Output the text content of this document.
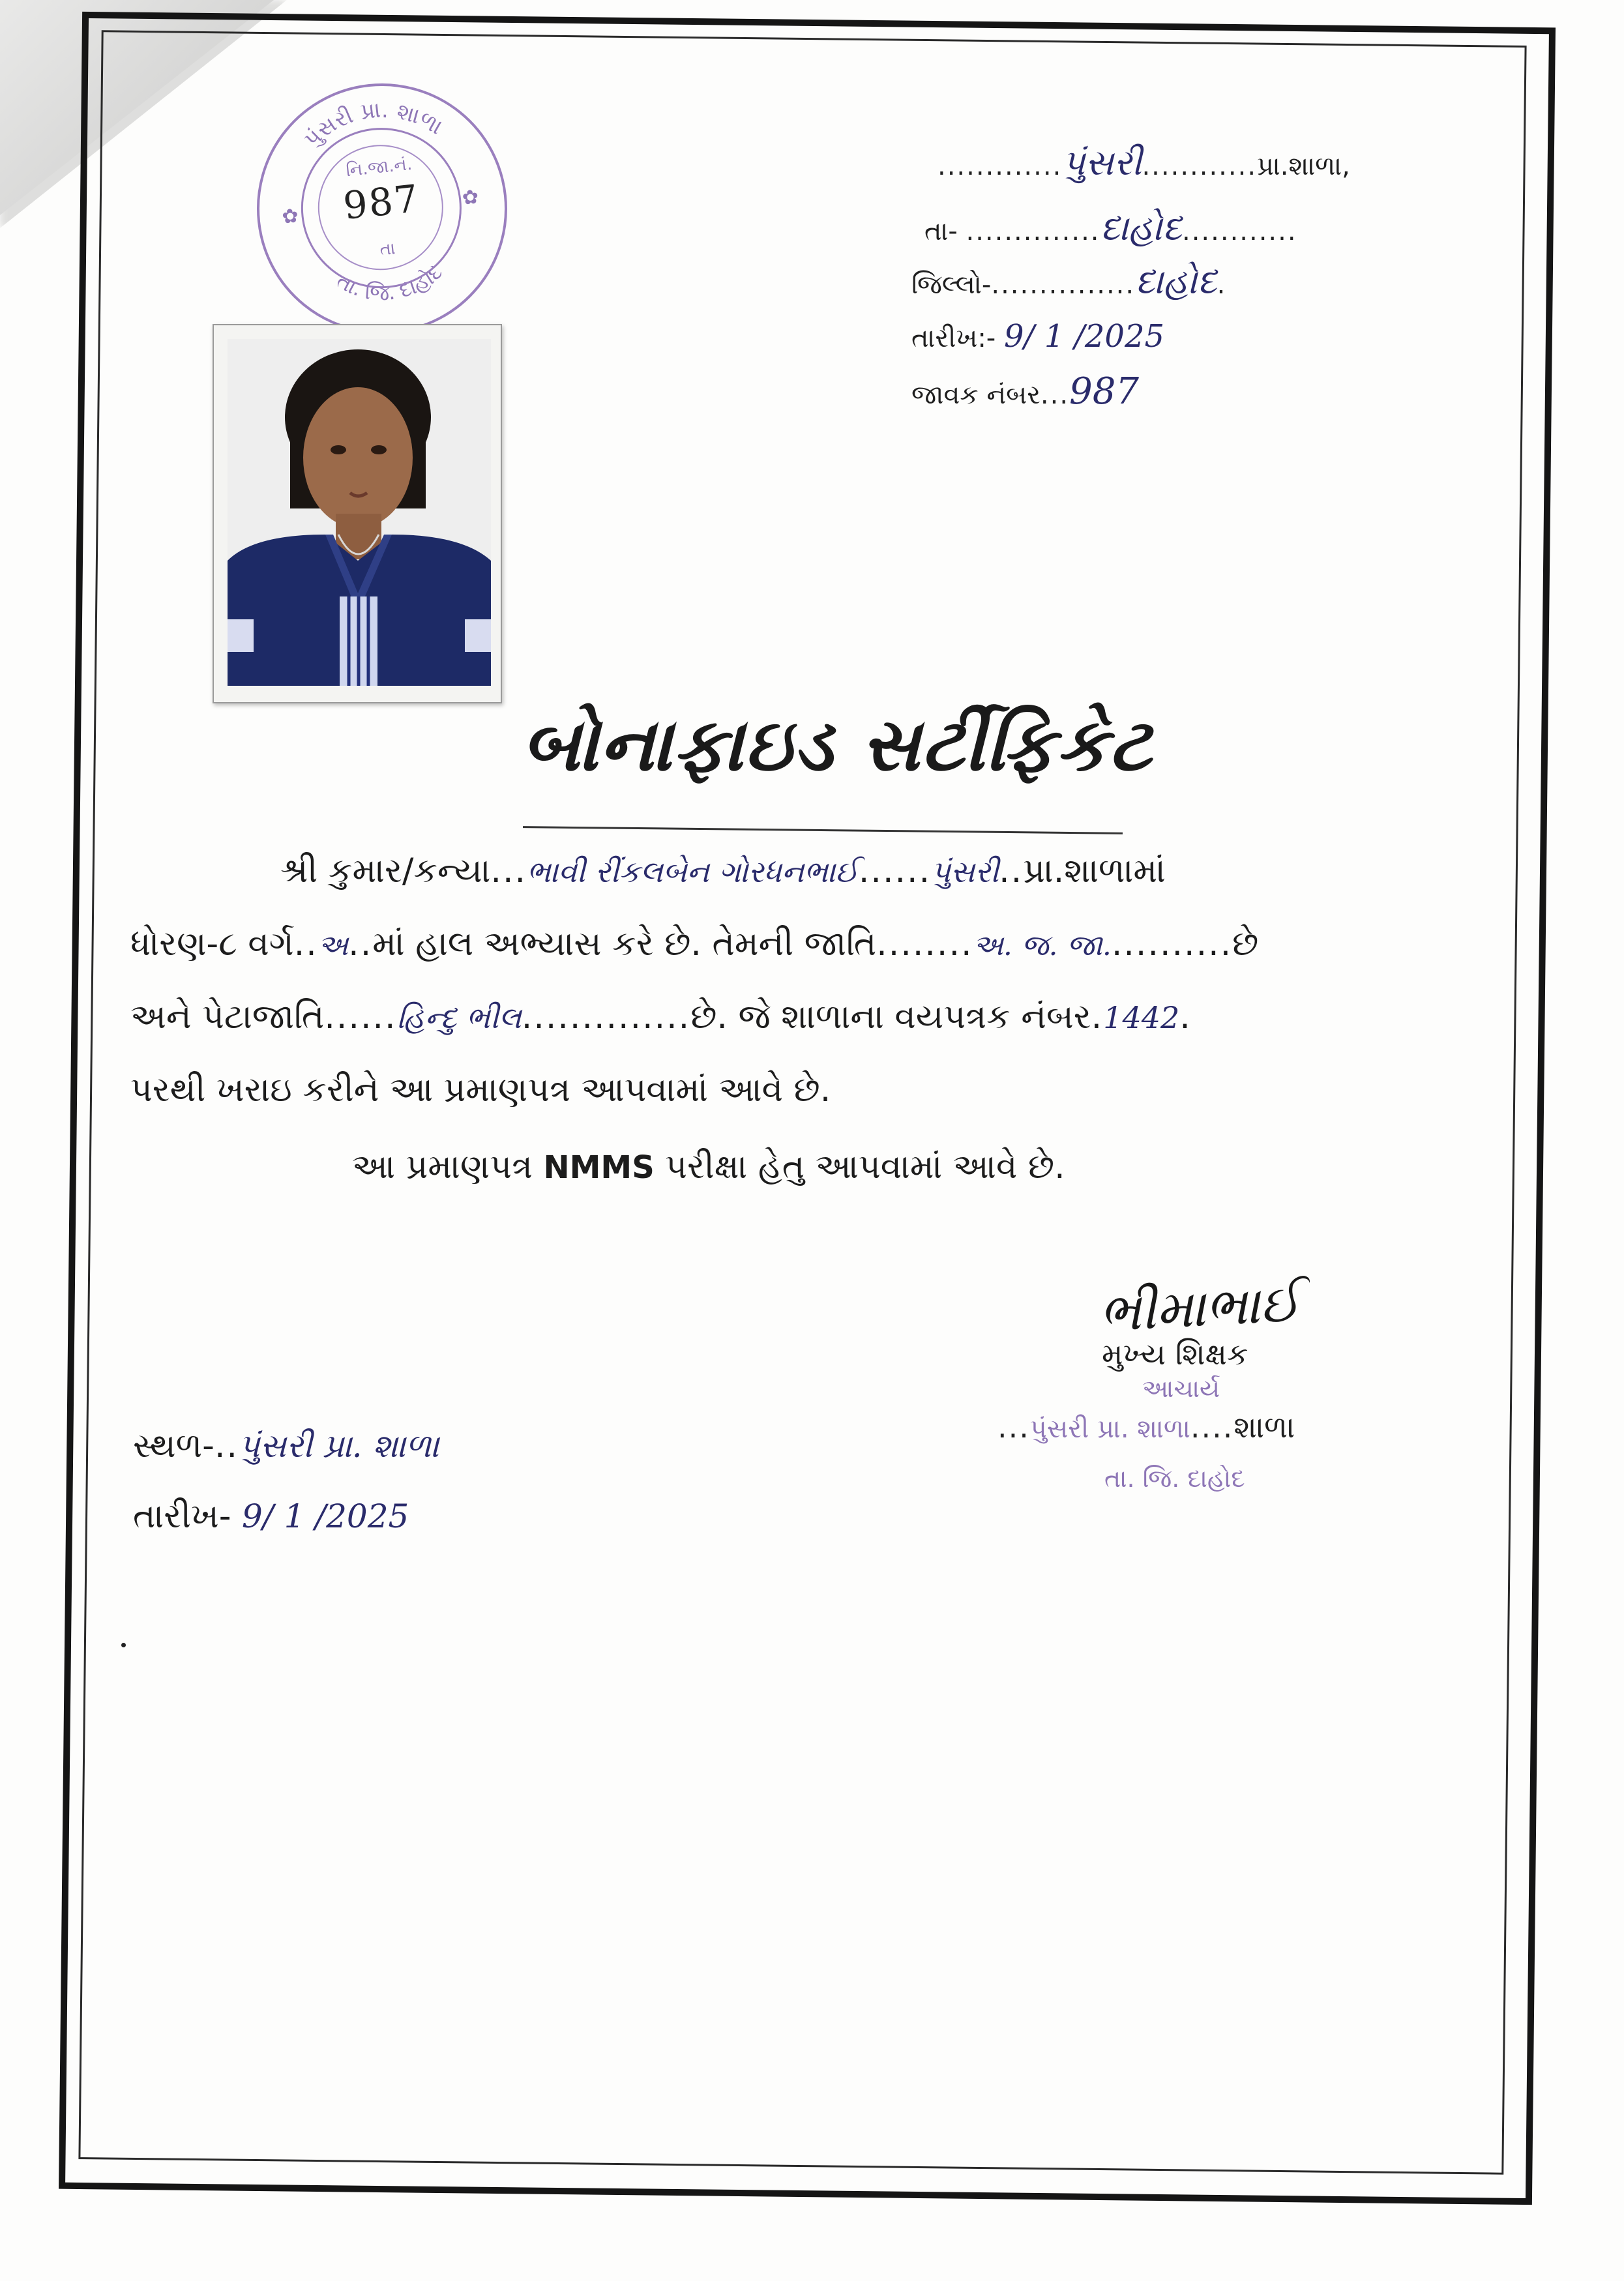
પુંસરી પ્રા. શાળા
તા. જિ. દાહોદ
નિ.જા.નં.
987
તા
✿
✿
.............પુંસરી............પ્રા.શાળા,
તા- ..............દાહોદ............
જિલ્લો-...............દાહોદ.
તારીખ:- 9/ 1 /2025
જાવક નંબર...987
બોનાફાઇડ સર્ટીફિકેટ
શ્રી કુમાર/કન્યા...ભાવી રીંકલબેન ગોરધનભાઈ......પુંસરી..પ્રા.શાળામાં
ધોરણ-૮ વર્ગ..અ..માં હાલ અભ્યાસ કરે છે. તેમની જાતિ........અ. જ. જા...........છે
અને પેટાજાતિ......હિન્દુ ભીલ..............છે. જે શાળાના વયપત્રક નંબર.1442.
પરથી ખરાઇ કરીને આ પ્રમાણપત્ર આપવામાં આવે છે.
આ પ્રમાણપત્ર NMMS પરીક્ષા હેતુ આપવામાં આવે છે.
ભીમાભાઈ
મુખ્ય શિક્ષક
આચાર્ય
...પુંસરી પ્રા. શાળા....શાળા
તા. જિ. દાહોદ
સ્થળ-..પુંસરી પ્રા. શાળા
તારીખ- 9/ 1 /2025
